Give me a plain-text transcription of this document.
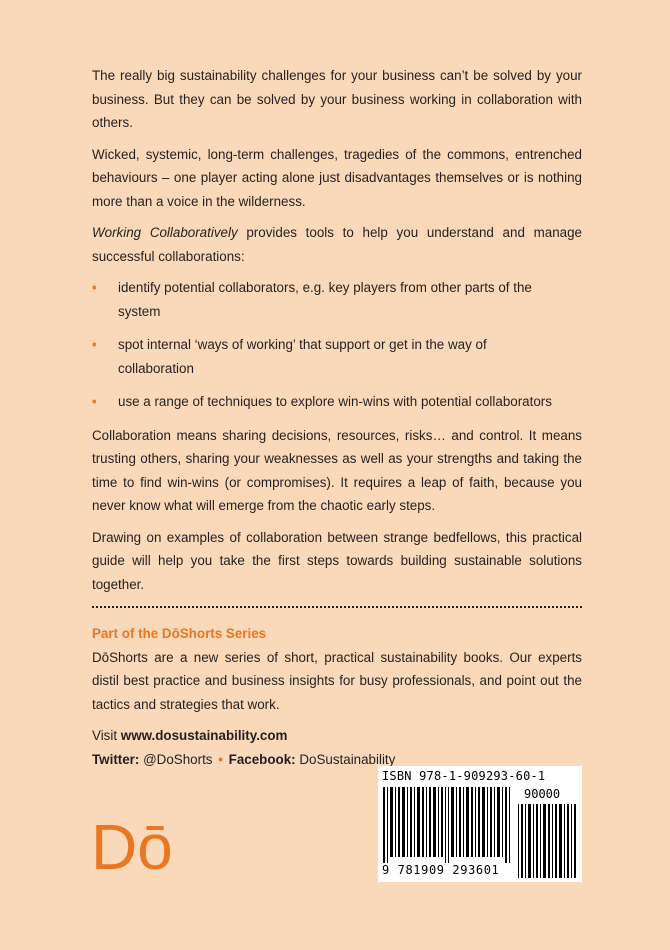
The really big sustainability challenges for your business can’t be solved by your business. But they can be solved by your business working in collaboration with others.

Wicked, systemic, long-term challenges, tragedies of the commons, entrenched behaviours – one player acting alone just disadvantages themselves or is nothing more than a voice in the wilderness.

Working Collaboratively provides tools to help you understand and manage successful collaborations:

• identify potential collaborators, e.g. key players from other parts of the system
• spot internal ‘ways of working’ that support or get in the way of collaboration
• use a range of techniques to explore win-wins with potential collaborators

Collaboration means sharing decisions, resources, risks… and control. It means trusting others, sharing your weaknesses as well as your strengths and taking the time to find win-wins (or compromises). It requires a leap of faith, because you never know what will emerge from the chaotic early steps.

Drawing on examples of collaboration between strange bedfellows, this practical guide will help you take the first steps towards building sustainable solutions together.

Part of the DōShorts Series

DōShorts are a new series of short, practical sustainability books. Our experts distil best practice and business insights for busy professionals, and point out the tactics and strategies that work.

Visit www.dosustainability.com

Twitter: @DoShorts • Facebook: DoSustainability

Dō
ISBN 978-1-909293-60-1
90000
9 781909 293601
